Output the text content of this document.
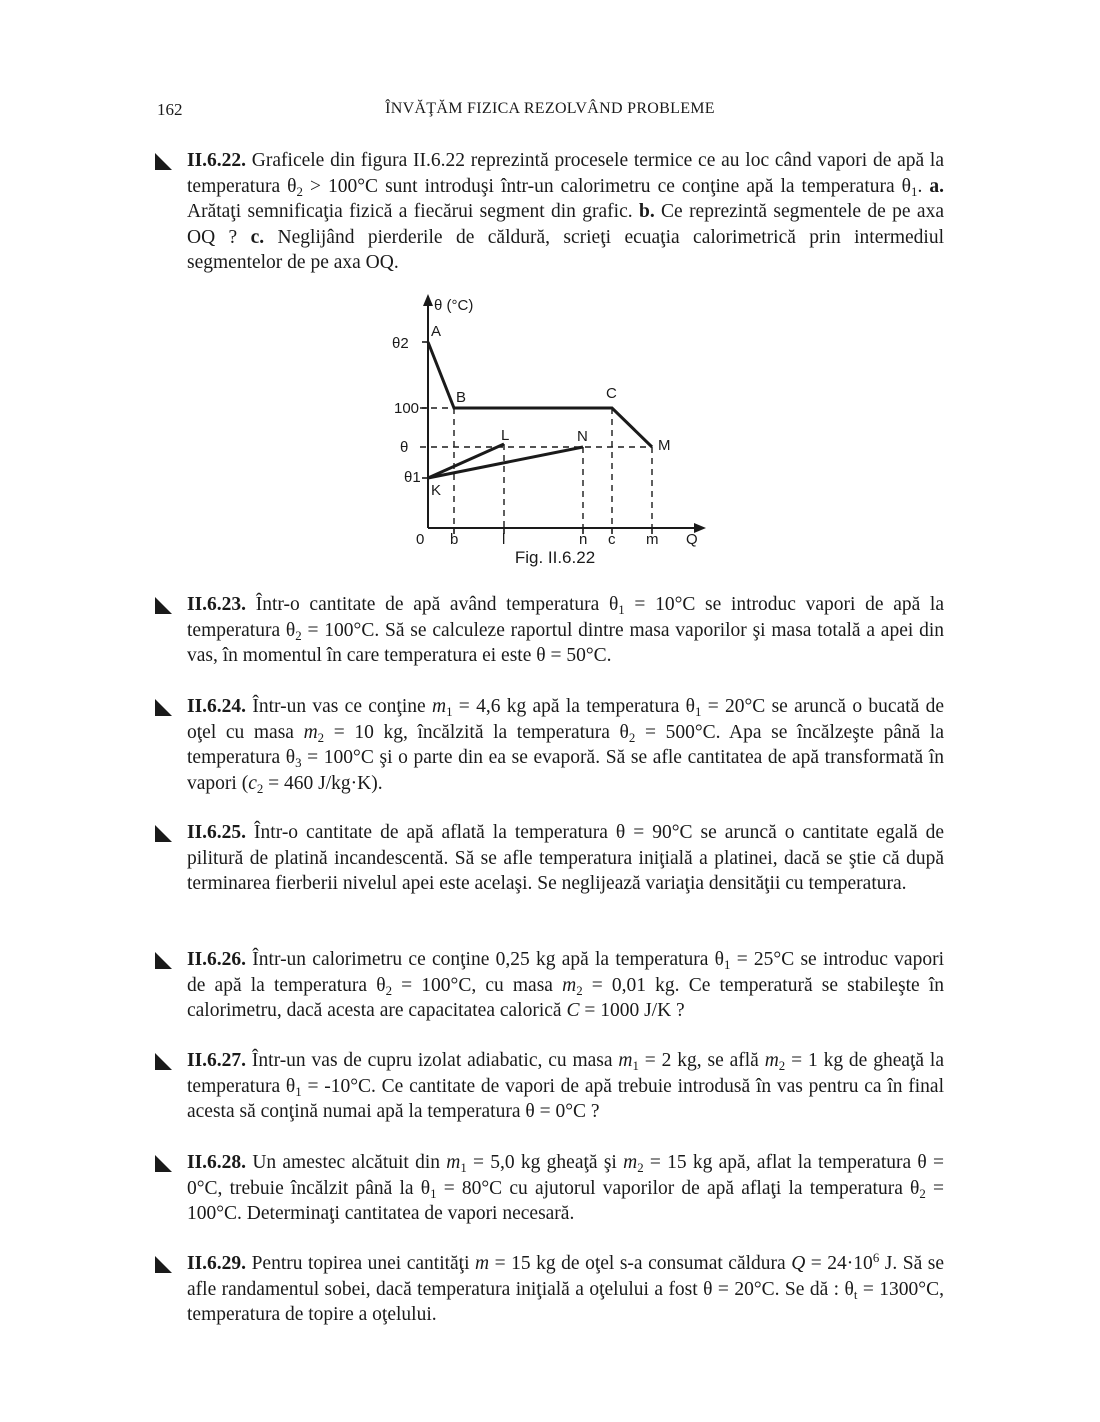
162	ÎNVĂŢĂM FIZICA REZOLVÂND PROBLEME
II.6.22. Graficele din figura II.6.22 reprezintă procesele termice ce au loc când vapori de apă la temperatura $\theta_2 > 100^\circ C$ sunt introduşi într-un calorimetru ce conţine apă la temperatura $\theta_1$. a. Arătaţi semnificaţia fizică a fiecărui segment din grafic. b. Ce reprezintă segmentele de pe axa OQ ? c. Neglijând pierderile de căldură, scrieţi ecuaţia calorimetrică prin intermediul segmentelor de pe axa OQ.
θ (°C)
Q
θ2
100
θ
θ1
0 b	l	n c m
A
B	C
M
L	N
K
Fig. II.6.22
II.6.23. Într-o cantitate de apă având temperatura $\theta_1 = 10^\circ C$ se introduc vapori de apă la temperatura $\theta_2 = 100^\circ C$. Să se calculeze raportul dintre masa vaporilor şi masa totală a apei din vas, în momentul în care temperatura ei este θ = 50°C.
II.6.24. Într-un vas ce conţine $m_1 = 4,6$ kg apă la temperatura $\theta_1 = 20^\circ C$ se aruncă o bucată de oţel cu masa $m_2 = 10$ kg, încălzită la temperatura $\theta_2 = 500^\circ C$. Apa se încălzeşte până la temperatura $\theta_3 = 100^\circ C$ şi o parte din ea se evaporă. Să se afle cantitatea de apă transformată în vapori ($c_2 = 460$ J/kg·K).
II.6.25. Într-o cantitate de apă aflată la temperatura θ = 90°C se aruncă o cantitate egală de pilitură de platină incandescentă. Să se afle temperatura iniţială a platinei, dacă se ştie că după terminarea fierberii nivelul apei este acelaşi. Se neglijează variaţia densităţii cu temperatura.
II.6.26. Într-un calorimetru ce conţine 0,25 kg apă la temperatura $\theta_1 = 25^\circ C$ se introduc vapori de apă la temperatura $\theta_2 = 100^\circ C$, cu masa $m_2 = 0,01$ kg. Ce temperatură se stabileşte în calorimetru, dacă acesta are capacitatea calorică C = 1000 J/K ?
II.6.27. Într-un vas de cupru izolat adiabatic, cu masa $m_1 = 2$ kg, se află $m_2 = 1$ kg de gheaţă la temperatura $\theta_1 = -10^\circ C$. Ce cantitate de vapori de apă trebuie introdusă în vas pentru ca în final acesta să conţină numai apă la temperatura θ = 0°C ?
II.6.28. Un amestec alcătuit din $m_1 = 5,0$ kg gheaţă şi $m_2 = 15$ kg apă, aflat la temperatura θ = 0°C, trebuie încălzit până la $\theta_1 = 80^\circ C$ cu ajutorul vaporilor de apă aflaţi la temperatura $\theta_2 = 100^\circ C$. Determinaţi cantitatea de vapori necesară.
II.6.29. Pentru topirea unei cantităţi m = 15 kg de oţel s-a consumat căldura $Q = 24\cdot 10^6$ J. Să se afle randamentul sobei, dacă temperatura iniţială a oţelului a fost θ = 20°C. Se dă : $\theta_t = 1300^\circ C$, temperatura de topire a oţelului.
